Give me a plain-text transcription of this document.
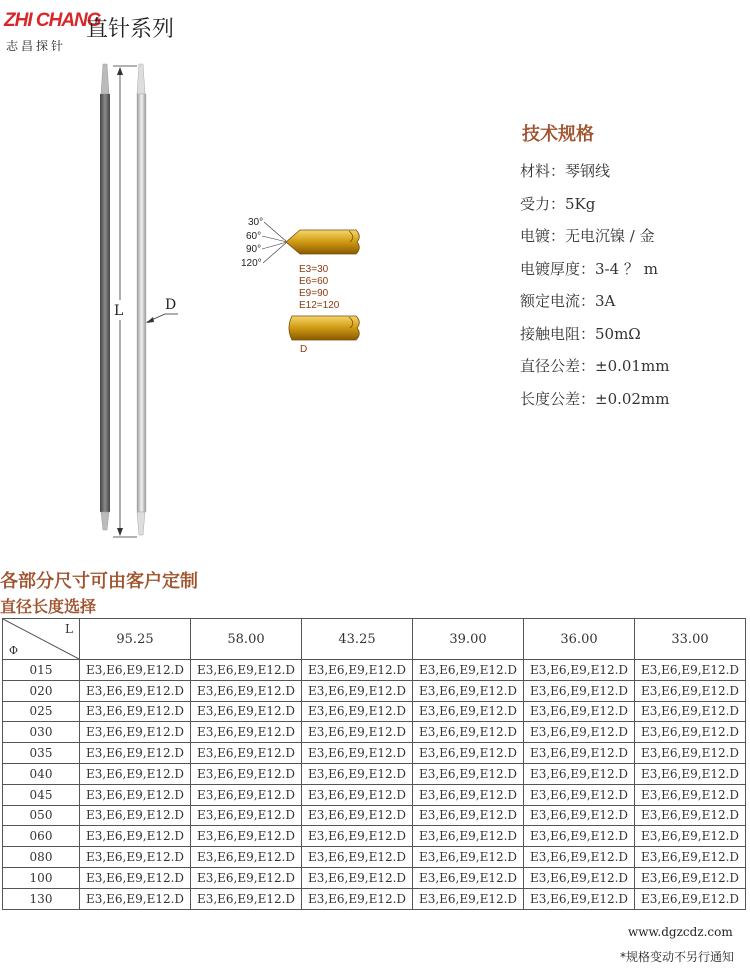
ZHI CHANG
志昌探针
直针系列
L	D
30°
60°
90°
120°
E3=30
E6=60
E9=90
E12=120
D
技术规格
材料：琴钢线
受力：5Kg
电镀：无电沉镍 / 金
电镀厚度：3-4 ？ m
额定电流：3A
接触电阻：50mΩ
直径公差：±0.01mm
长度公差：±0.02mm
各部分尺寸可由客户定制
直径长度选择
L
Φ	95.25	58.00	43.25	39.00	36.00	33.00
015	E3,E6,E9,E12.D	E3,E6,E9,E12.D	E3,E6,E9,E12.D	E3,E6,E9,E12.D	E3,E6,E9,E12.D	E3,E6,E9,E12.D
020	E3,E6,E9,E12.D	E3,E6,E9,E12.D	E3,E6,E9,E12.D	E3,E6,E9,E12.D	E3,E6,E9,E12.D	E3,E6,E9,E12.D
025	E3,E6,E9,E12.D	E3,E6,E9,E12.D	E3,E6,E9,E12.D	E3,E6,E9,E12.D	E3,E6,E9,E12.D	E3,E6,E9,E12.D
030	E3,E6,E9,E12.D	E3,E6,E9,E12.D	E3,E6,E9,E12.D	E3,E6,E9,E12.D	E3,E6,E9,E12.D	E3,E6,E9,E12.D
035	E3,E6,E9,E12.D	E3,E6,E9,E12.D	E3,E6,E9,E12.D	E3,E6,E9,E12.D	E3,E6,E9,E12.D	E3,E6,E9,E12.D
040	E3,E6,E9,E12.D	E3,E6,E9,E12.D	E3,E6,E9,E12.D	E3,E6,E9,E12.D	E3,E6,E9,E12.D	E3,E6,E9,E12.D
045	E3,E6,E9,E12.D	E3,E6,E9,E12.D	E3,E6,E9,E12.D	E3,E6,E9,E12.D	E3,E6,E9,E12.D	E3,E6,E9,E12.D
050	E3,E6,E9,E12.D	E3,E6,E9,E12.D	E3,E6,E9,E12.D	E3,E6,E9,E12.D	E3,E6,E9,E12.D	E3,E6,E9,E12.D
060	E3,E6,E9,E12.D	E3,E6,E9,E12.D	E3,E6,E9,E12.D	E3,E6,E9,E12.D	E3,E6,E9,E12.D	E3,E6,E9,E12.D
080	E3,E6,E9,E12.D	E3,E6,E9,E12.D	E3,E6,E9,E12.D	E3,E6,E9,E12.D	E3,E6,E9,E12.D	E3,E6,E9,E12.D
100	E3,E6,E9,E12.D	E3,E6,E9,E12.D	E3,E6,E9,E12.D	E3,E6,E9,E12.D	E3,E6,E9,E12.D	E3,E6,E9,E12.D
130	E3,E6,E9,E12.D	E3,E6,E9,E12.D	E3,E6,E9,E12.D	E3,E6,E9,E12.D	E3,E6,E9,E12.D	E3,E6,E9,E12.D
www.dgzcdz.com
*规格变动不另行通知
